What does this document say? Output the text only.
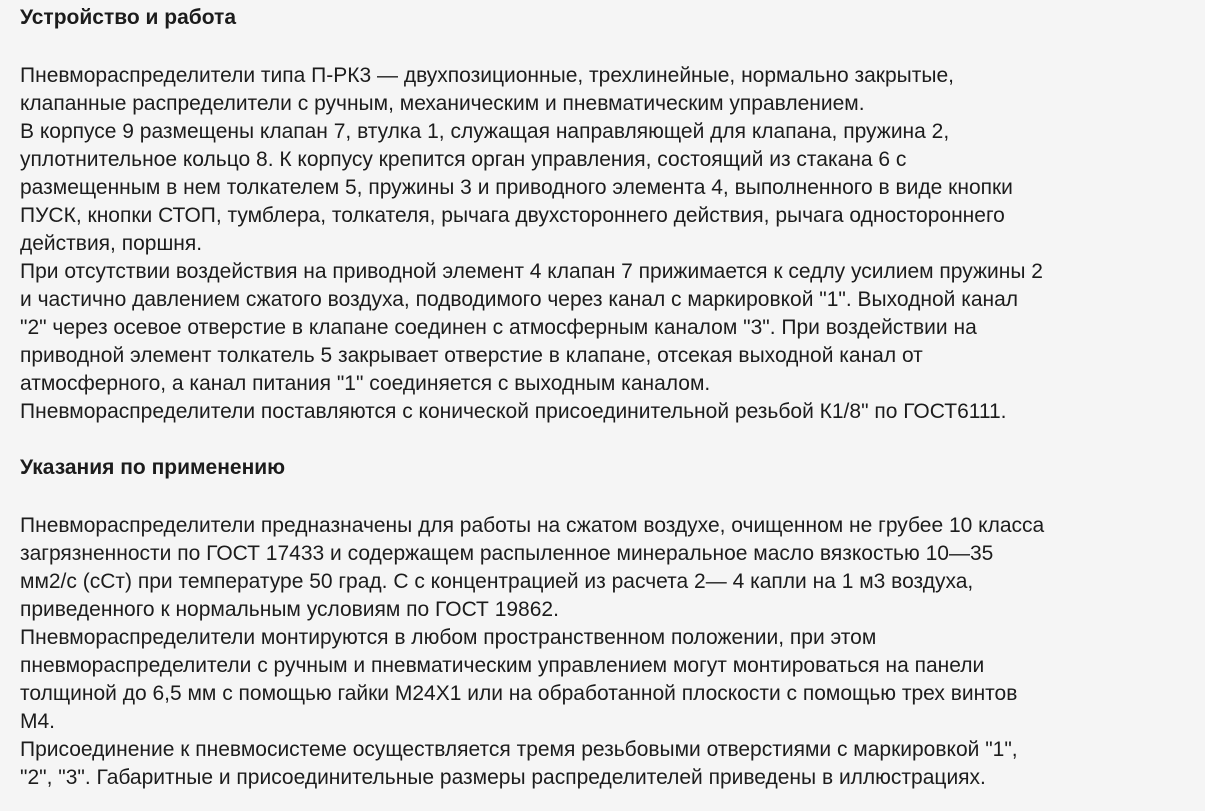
Устройство и работа
Пневмораспределители типа П-РК3 — двухпозиционные, трехлинейные, нормально закрытые,
клапанные распределители с ручным, механическим и пневматическим управлением.
В корпусе 9 размещены клапан 7, втулка 1, служащая направляющей для клапана, пружина 2,
уплотнительное кольцо 8. К корпусу крепится орган управления, состоящий из стакана 6 с
размещенным в нем толкателем 5, пружины 3 и приводного элемента 4, выполненного в виде кнопки
ПУСК, кнопки СТОП, тумблера, толкателя, рычага двухстороннего действия, рычага одностороннего
действия, поршня.
При отсутствии воздействия на приводной элемент 4 клапан 7 прижимается к седлу усилием пружины 2
и частично давлением сжатого воздуха, подводимого через канал с маркировкой "1". Выходной канал
"2" через осевое отверстие в клапане соединен с атмосферным каналом "3". При воздействии на
приводной элемент толкатель 5 закрывает отверстие в клапане, отсекая выходной канал от
атмосферного, а канал питания "1" соединяется с выходным каналом.
Пневмораспределители поставляются с конической присоединительной резьбой К1/8" по ГОСТ6111.
Указания по применению
Пневмораспределители предназначены для работы на сжатом воздухе, очищенном не грубее 10 класса
загрязненности по ГОСТ 17433 и содержащем распыленное минеральное масло вязкостью 10—35
мм2/с (сСт) при температуре 50 град. С с концентрацией из расчета 2— 4 капли на 1 м3 воздуха,
приведенного к нормальным условиям по ГОСТ 19862.
Пневмораспределители монтируются в любом пространственном положении, при этом
пневмораспределители с ручным и пневматическим управлением могут монтироваться на панели
толщиной до 6,5 мм с помощью гайки М24Х1 или на обработанной плоскости с помощью трех винтов
М4.
Присоединение к пневмосистеме осуществляется тремя резьбовыми отверстиями с маркировкой "1",
"2", "3". Габаритные и присоединительные размеры распределителей приведены в иллюстрациях.
